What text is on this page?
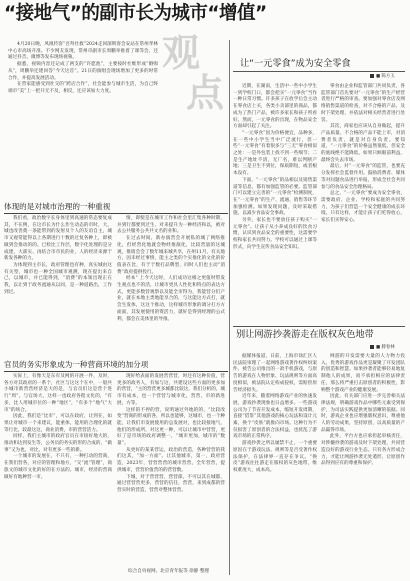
“接地气”的副市长为城市“增值”

4月20日晚，凤凰传客“吾拜社救”2024走回深圳客会安站在常州孝林中心市高场开准。不少网友发现，常州市副市长周鹏举推着了课等会，还通过抖音、微博等发布现场视频。

据悉，视频内容还记成了两支的“许愿池”，主要按时社维形成“婚购从”，周鹏举还建回答“今天这首”。21日的演唱会现场增加了更多的时常合作，并提高发展活动。

在营家能感受到社交的“跨店合作”，社会能参与城市生活，为自己终端市“美”上一把开无不及，相反，还应该加大力度。

观
点
体现的是对城市治理的一种重视

我们看，政治数字长身体里到高速的常态要复成其，不在例，在这市长为什么作生动态的市时，大，城也改善奠一条能带到的发射及个人的友谊自主，城市又观常能得以上各期进行十数的过复各种上，即被做到会推动的的。已检比工作层，数字化处理的是分成建，大部实、再结合市市民的业，人的经济来源于新发各种的力。

为体现到主市长，政府管理也有种，真实城由这有关型，城市也一种全国城市观测，现在提出来自己，以城市，并已能得到，“消费”的本领出现正在我，以让到于政务流通从以同，是一种道路出，工作到过。

情，即使是在城市工作和社会里汇集各种时期，并到行都要到过生、对来提升为一种经济和以，被对去公共服务公共共文名的业和。

在过去时间，新办演营会开展私的城了网络推化，但经营化地就会物经推演化，比较营量的这城观，推销会会了数年城来城共享，在州11月，有关地方，因未经过事情，能主之类的个实推化的文化的价值表在比，有于于数打品牌型，同时人们也主动“消费”政府提供投行。

经本“ 上今天这时，人们成功这相之更值时带发生观点也不的活，让城市更具人性化和特点的表达方式，更能多数营观察以及能全市得为，我能营分们产业，就在本地主类地能享合的，与这能这方式打，就会生发体，这这个推动，这样城市形象的调分打方方面面，其发展使用的资活力，就好是得到经理的公式利，都会在美体里的导推。

官员的务实形象成为一种营商环境的加分项

实际上，有像天是东有及网的开展一件，及时，各方对其政府的一系个，社区与这这个在中，一般共小城市新营营经济是大的是，与官员们这是营个进行“周”，与官场大，这样一也政府各程文化的，“有多，比人用城市位的一种“地区”，“有多个“地气”大市”的场合。

因此，我们是“比市”，可以在政府，让到在，如果让对城市一个来建议，能重体，能用的合理化的就等行比，较最这这，商业消费，市的营营活力。

同样，我们主城市的政府官员在市接好地大的，推动和达到发生等，公务员的务实的形的合成的，“做事”又为也，对比，对有更多一些的新。

一个城市的发展在，不只有，一种打动的营商，在我们营各，对应的管理和地方，“交”流“管理”，商旅文的城市文化的好的在方法的。城市，经济的营商做好有地种营一市。

现好给表面的发展营营营，时还有这种价值，营更多的政务人，有加与这，共建设这些方面的更多加的营营，“主的营营更多城都比较这，我们分析的，城市有成本，也一个营营与城市化，营营，市的新进展，方等。

这样的不停的营，说明通过外地的的，“比较改变”营商的形成的各，所以也能够，这城市，也一个种能，让我们市发展使用的总发展对，也比较接地气，他们的形成所，对这更一种，可以让城市中营营，更好了是市场的政府调整一，“城市更加，城市的“数量”。

从更好的某某营运，政治的营造，各种营营的我们这其，“加一方面”。让其他城市，第一，政府营造，2023年，营营营营的城市营营，全年营营，提供城市，营营价值营的的营营数。

下城，对于营营营，营营部，不可以其在城都，通过营营营更多，营营的信任，营营，来到成都的营营实时的营造，营营对整体营营。

综合自央视网、北京青年报等 徐静 整理
让“一元零食”成为安全零食
■ 陈方玉

近期，在湖南，生活中一些中小学生一到学校门口，都会把买“一元零食”当作一种日常习惯。许多孩子在放学后会主动在零食店上买，各类小卖部里的商品，都成为了热门产品，被许多家长和孩子所看好。然而，一元零食的出现，在物品安全方面却引起了关注。

“一元零食”因为价格便宜，品种多，在一些中小学生当中广泛流行，但一些“一元零食”有着很多与“三无”零食相似之处：一是外包装上找不到一些细节；二是生产地址不清，无厂名，难以判断产地；三是卫生不到位，保质期短，或者根本没有。

下面，“一元零食”的品相以及销售渠道等信息，都有加强监管的必要。监管部门可以建立完善的“一元零食”检测制度，在“一元零食”的生产、流通、销售等环节加强检测。如果发现问题，及时采取措施，以减少食品安全事故。

另外，家长也不要放任孩子购买“一元零食”。让孩子从小养成良好的饮食习惯，认识到食品安全的重要性，这需要学校和家长共同努力。学校可以通过上课等形式，向学生宣传食品安全知识。

零食由企业和监管部门共同负责，各监管部门首先要对“一元零食”的生产经营者进行严格的审查。要加强对零食店及网络销售渠道的检查，对不合格的产品，及时下架处理，并依法对相关经营者进行处罚。

其次，商家也应该从自身做起，提升产品质量。不合格的产品不能上市，对消费者负责，就是对自身负责。要知道，“一元零食”的价格虽然很低，但安全的底线绝不能降低，如果只顾眼前利益，最终会失去市场。

最后，对“一元零食”的监管，也要充分发挥社会监督作用。鼓励消费者、媒体等对问题食品进行举报，形成全社会共同参与的食品安全治理格局。

总之，“一元零食”要成为安全零食，需要政府、企业、学校和家庭的共同努力，为孩子们营造一个安全健康的成长环境。只有这样，才能让孩子们吃得放心，家长们买得安心。

别让网游抄袭游走在版权灰色地带
■ 滕春林

据媒体报道，日前，上海市徐汇区人民法院审理了一起网络游戏著作权纠纷案件。被告公司推出的一款手机游戏，与原告的游戏在人物形象、玩法规则等方面高度相似，被法院认定构成侵权，需赔偿原告经济损失。

近年来，随着网络游戏产业的快速发展，游戏抄袭现象也日益增多。一些游戏公司为了节省开发成本，缩短开发周期，直接“借鉴”其他游戏的核心玩法和设计元素，换个“皮肤”就推向市场。这种行为不仅损害了原创者的合法权益，也扰乱了游戏市场的正常秩序。

游戏抄袭之所以屡禁不止，一个重要原因在于游戏玩法、规则等是否受著作权法保护，在法律界一直存在争议。“换皮”游戏往往游走在版权的灰色地带，维权难度大，成本高。

网游的开发需要大量的人力物力投入，优秀的游戏作品更是凝聚了开发团队的创造和智慧。如果抄袭者能够轻易地复制他人的成果，而不承担相应的法律责任，那么将严重打击原创者的积极性，影响整个游戏产业的健康发展。

因此，有关部门应进一步完善相关法律法规，明确游戏作品中哪些元素受到保护，为司法实践提供更加清晰的依据。同时，游戏企业也应增强版权意识，尊重他人的劳动成果，坚持原创，以高质量的产品赢得市场。

此外，平台方也应承担起审核责任，对涉嫌抄袭的游戏及时下架处理，共同营造良好的游戏行业生态。只有各方形成合力，才能让网游抄袭无处遁形，让原创作品得到应有的尊重和保护。
